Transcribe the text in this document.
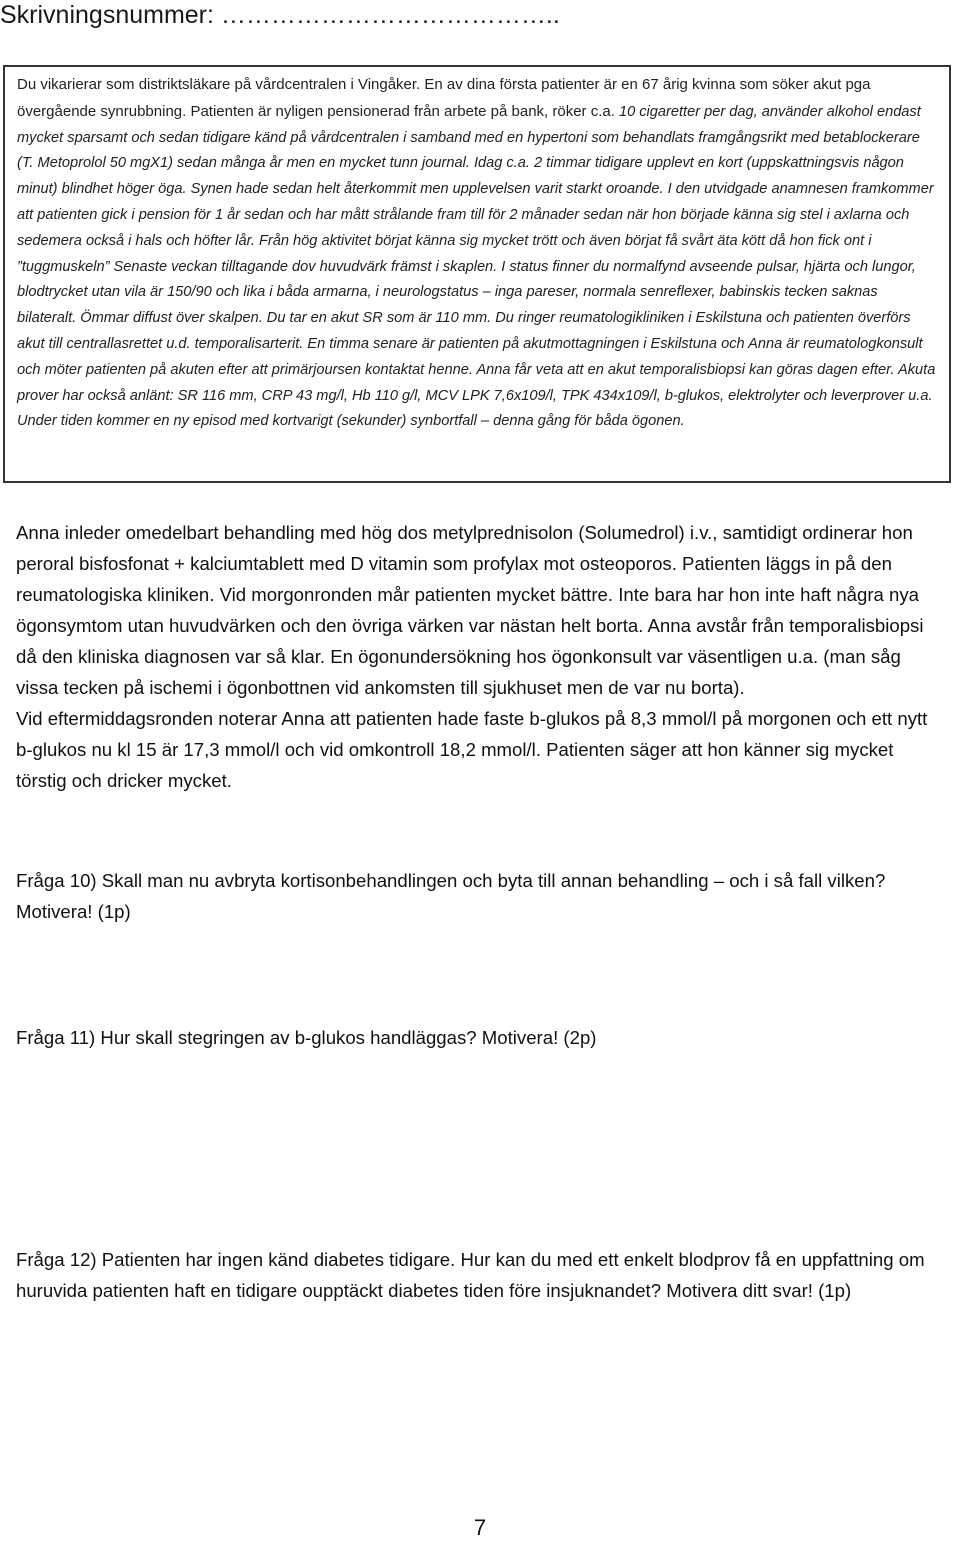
Skrivningsnummer: …………………………………..

Du vikarierar som distriktsläkare på vårdcentralen i Vingåker. En av dina första patienter är en 67 årig kvinna som söker akut pga övergående synrubbning. Patienten är nyligen pensionerad från arbete på bank, röker c.a. 10 cigaretter per dag, använder alkohol endast mycket sparsamt och sedan tidigare känd på vårdcentralen i samband med en hypertoni som behandlats framgångsrikt med betablockerare (T. Metoprolol 50 mgX1) sedan många år men en mycket tunn journal. Idag c.a. 2 timmar tidigare upplevt en kort (uppskattningsvis någon minut) blindhet höger öga. Synen hade sedan helt återkommit men upplevelsen varit starkt oroande. I den utvidgade anamnesen framkommer att patienten gick i pension för 1 år sedan och har mått strålande fram till för 2 månader sedan när hon började känna sig stel i axlarna och sedemera också i hals och höfter lår. Från hög aktivitet börjat känna sig mycket trött och även börjat få svårt äta kött då hon fick ont i ”tuggmuskeln” Senaste veckan tilltagande dov huvudvärk främst i skaplen. I status finner du normalfynd avseende pulsar, hjärta och lungor, blodtrycket utan vila är 150/90 och lika i båda armarna, i neurologstatus – inga pareser, normala senreflexer, babinskis tecken saknas bilateralt. Ömmar diffust över skalpen. Du tar en akut SR som är 110 mm. Du ringer reumatologikliniken i Eskilstuna och patienten överförs akut till centrallasrettet u.d. temporalisarterit. En timma senare är patienten på akutmottagningen i Eskilstuna och Anna är reumatologkonsult och möter patienten på akuten efter att primärjoursen kontaktat henne. Anna får veta att en akut temporalisbiopsi kan göras dagen efter. Akuta prover har också anlänt: SR 116 mm, CRP 43 mg/l, Hb 110 g/l, MCV LPK 7,6x109/l, TPK 434x109/l, b-glukos, elektrolyter och leverprover u.a. Under tiden kommer en ny episod med kortvarigt (sekunder) synbortfall – denna gång för båda ögonen.

Anna inleder omedelbart behandling med hög dos metylprednisolon (Solumedrol) i.v., samtidigt ordinerar hon peroral bisfosfonat + kalciumtablett med D vitamin som profylax mot osteoporos. Patienten läggs in på den reumatologiska kliniken. Vid morgonronden mår patienten mycket bättre. Inte bara har hon inte haft några nya ögonsymtom utan huvudvärken och den övriga värken var nästan helt borta. Anna avstår från temporalisbiopsi då den kliniska diagnosen var så klar. En ögonundersökning hos ögonkonsult var väsentligen u.a. (man såg vissa tecken på ischemi i ögonbottnen vid ankomsten till sjukhuset men de var nu borta).

Vid eftermiddagsronden noterar Anna att patienten hade faste b-glukos på 8,3 mmol/l på morgonen och ett nytt b-glukos nu kl 15 är 17,3 mmol/l och vid omkontroll 18,2 mmol/l. Patienten säger att hon känner sig mycket törstig och dricker mycket.

Fråga 10) Skall man nu avbryta kortisonbehandlingen och byta till annan behandling – och i så fall vilken? Motivera! (1p)

Fråga 11) Hur skall stegringen av b-glukos handläggas? Motivera! (2p)

Fråga 12) Patienten har ingen känd diabetes tidigare. Hur kan du med ett enkelt blodprov få en uppfattning om huruvida patienten haft en tidigare oupptäckt diabetes tiden före insjuknandet? Motivera ditt svar! (1p)

7
